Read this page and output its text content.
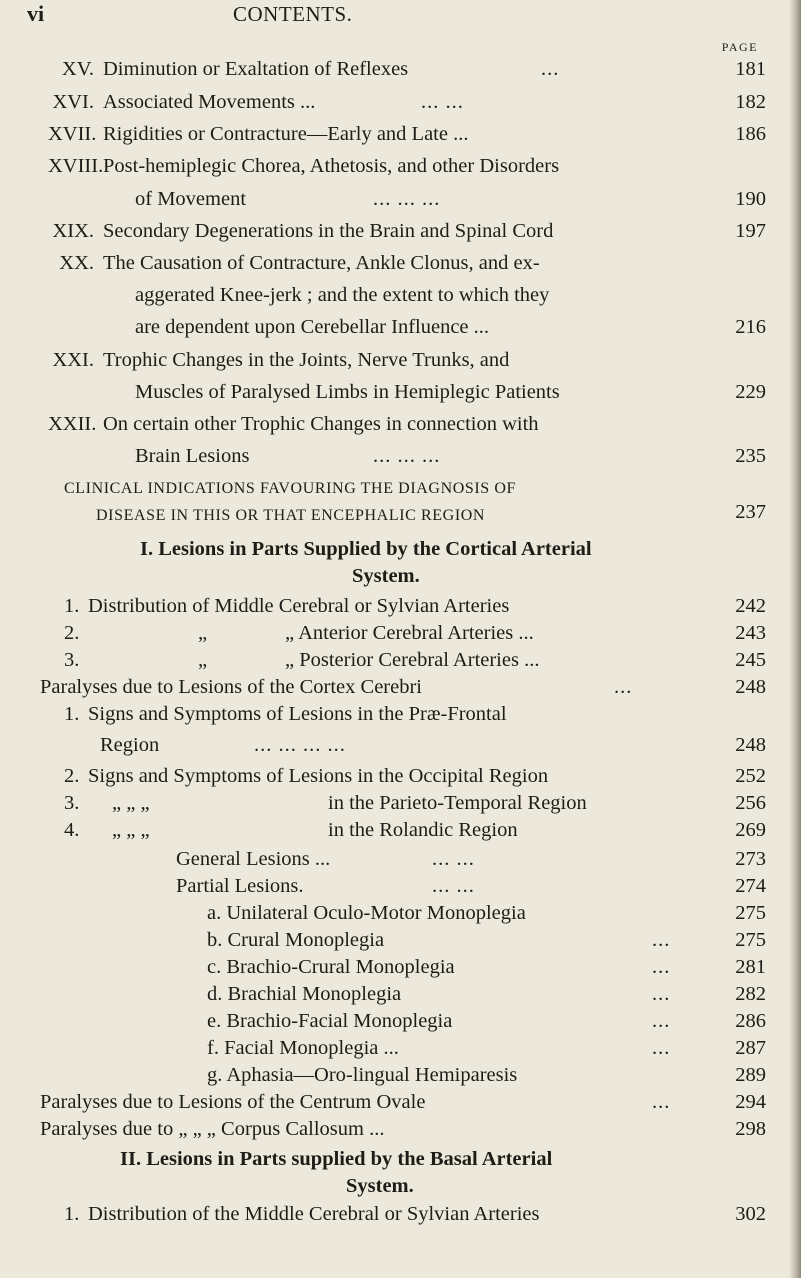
vi	CONTENTS.
PAGE
XV. Diminution or Exaltation of Reflexes	...	181
XVI. Associated Movements ...	... ...	182
XVII. Rigidities or Contracture—Early and Late ...	186
XVIII. Post-hemiplegic Chorea, Athetosis, and other Disorders
of Movement	... ... ...	190
XIX. Secondary Degenerations in the Brain and Spinal Cord	197
XX. The Causation of Contracture, Ankle Clonus, and ex-
aggerated Knee-jerk ; and the extent to which they
are dependent upon Cerebellar Influence ...	216
XXI. Trophic Changes in the Joints, Nerve Trunks, and
Muscles of Paralysed Limbs in Hemiplegic Patients	229
XXII. On certain other Trophic Changes in connection with
Brain Lesions	... ... ...	235
CLINICAL INDICATIONS FAVOURING THE DIAGNOSIS OF
DISEASE IN THIS OR THAT ENCEPHALIC REGION	237
I. Lesions in Parts Supplied by the Cortical Arterial
System.
1. Distribution of Middle Cerebral or Sylvian Arteries	242
2.	„	„ Anterior Cerebral Arteries ...	243
3.	„	„ Posterior Cerebral Arteries ...	245
Paralyses due to Lesions of the Cortex Cerebri	...	248
1. Signs and Symptoms of Lesions in the Præ-Frontal
Region	... ... ... ...	248
2. Signs and Symptoms of Lesions in the Occipital Region	252
3. „ „ „	in the Parieto-Temporal Region	256
4. „ „ „	in the Rolandic Region	269
General Lesions ...	... ...	273
Partial Lesions.	... ...	274
a. Unilateral Oculo-Motor Monoplegia	275
b. Crural Monoplegia	...	275
c. Brachio-Crural Monoplegia	...	281
d. Brachial Monoplegia	...	282
e. Brachio-Facial Monoplegia	...	286
f. Facial Monoplegia ...	...	287
g. Aphasia—Oro-lingual Hemiparesis	289
Paralyses due to Lesions of the Centrum Ovale	...	294
Paralyses due to „ „ „ Corpus Callosum ...	298
II. Lesions in Parts supplied by the Basal Arterial
System.
1. Distribution of the Middle Cerebral or Sylvian Arteries	302
